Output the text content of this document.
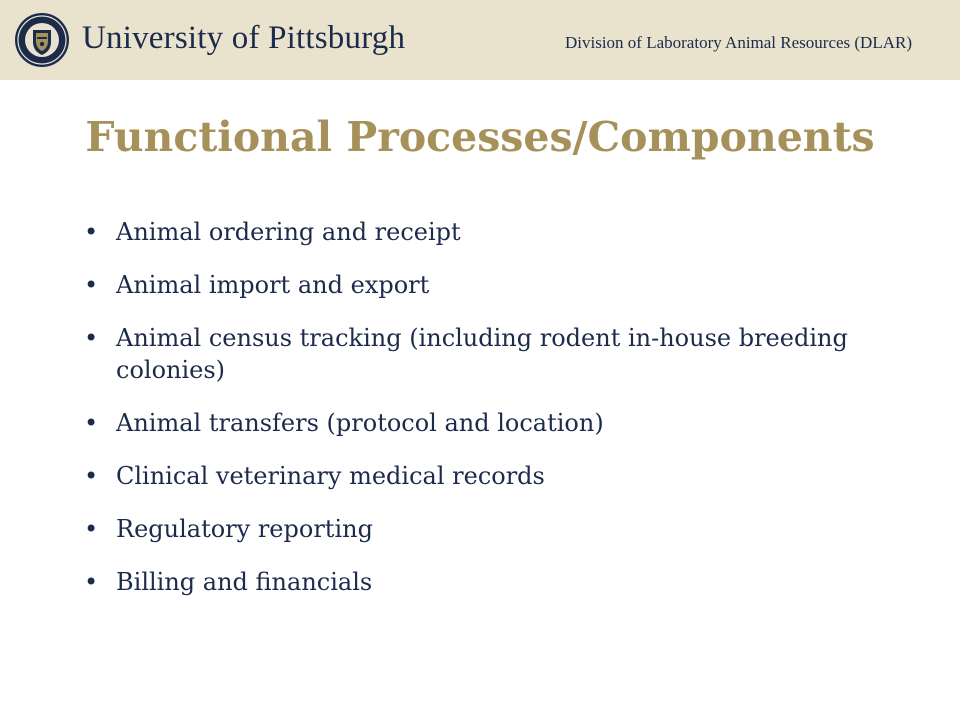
University of Pittsburgh	Division of Laboratory Animal Resources (DLAR)
Functional Processes/Components
• Animal ordering and receipt
• Animal import and export
• Animal census tracking (including rodent in-house breeding colonies)
• Animal transfers (protocol and location)
• Clinical veterinary medical records
• Regulatory reporting
• Billing and financials
